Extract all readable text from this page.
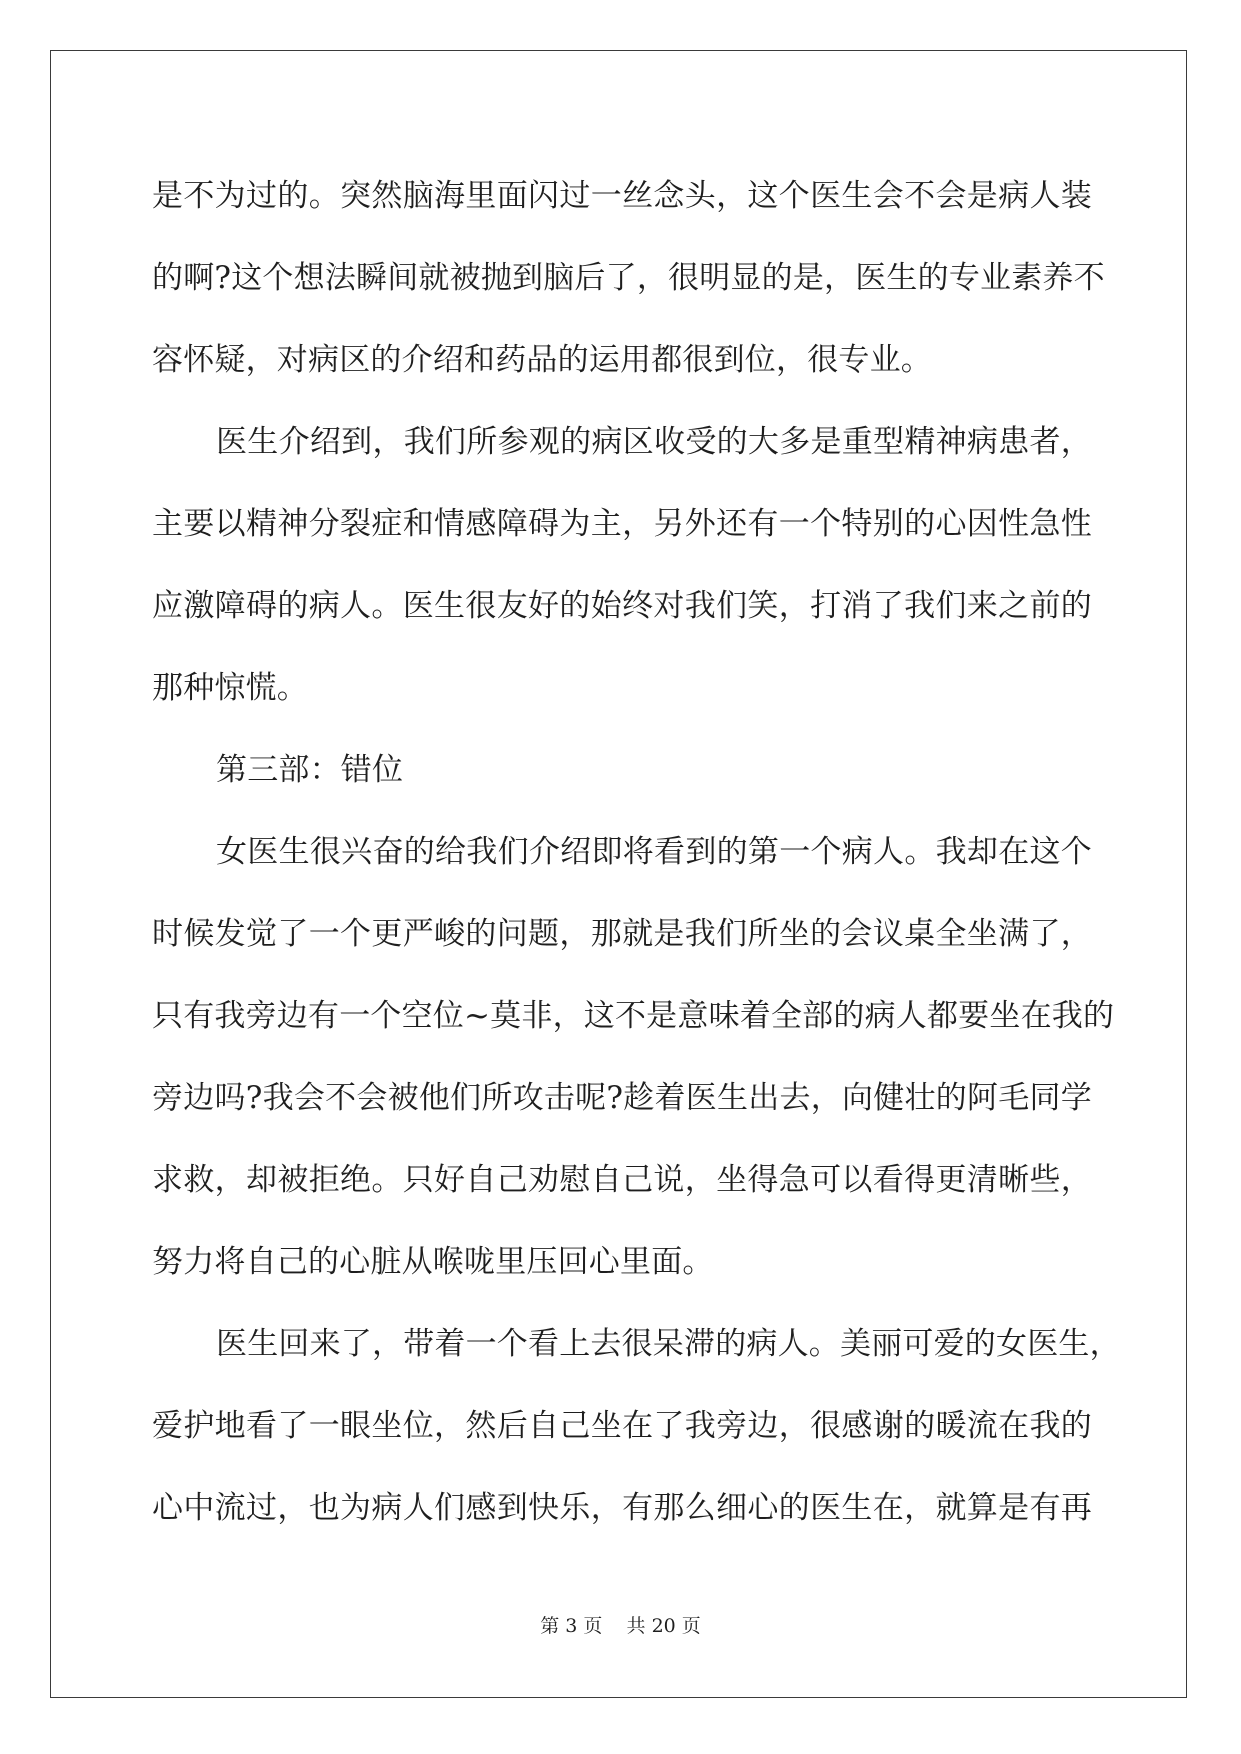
是不为过的。突然脑海里面闪过一丝念头，这个医生会不会是病人装
的啊?这个想法瞬间就被抛到脑后了，很明显的是，医生的专业素养不
容怀疑，对病区的介绍和药品的运用都很到位，很专业。
医生介绍到，我们所参观的病区收受的大多是重型精神病患者，
主要以精神分裂症和情感障碍为主，另外还有一个特别的心因性急性
应激障碍的病人。医生很友好的始终对我们笑，打消了我们来之前的
那种惊慌。
第三部：错位
女医生很兴奋的给我们介绍即将看到的第一个病人。我却在这个
时候发觉了一个更严峻的问题，那就是我们所坐的会议桌全坐满了，
只有我旁边有一个空位~莫非，这不是意味着全部的病人都要坐在我的
旁边吗?我会不会被他们所攻击呢?趁着医生出去，向健壮的阿毛同学
求救，却被拒绝。只好自己劝慰自己说，坐得急可以看得更清晰些，
努力将自己的心脏从喉咙里压回心里面。
医生回来了，带着一个看上去很呆滞的病人。美丽可爱的女医生，
爱护地看了一眼坐位，然后自己坐在了我旁边，很感谢的暖流在我的
心中流过，也为病人们感到快乐，有那么细心的医生在，就算是有再
第 3 页 共 20 页
